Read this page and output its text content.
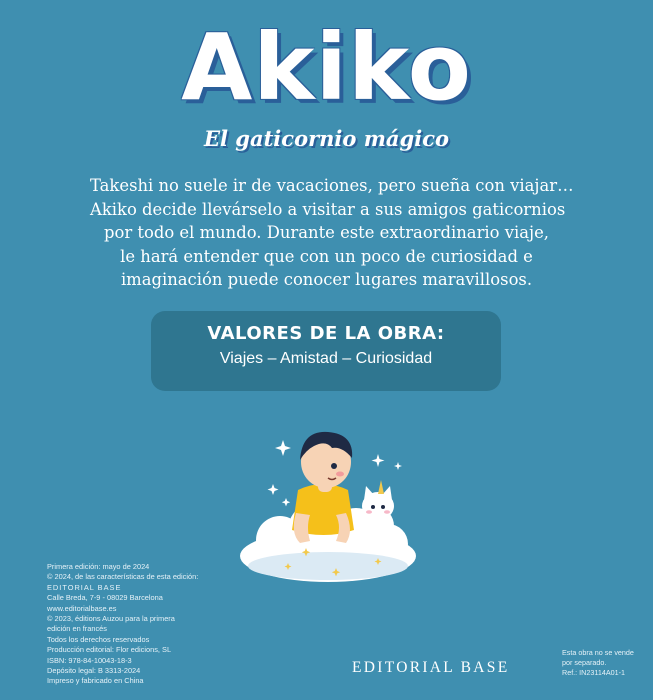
Akiko
El gaticornio mágico
Takeshi no suele ir de vacaciones, pero sueña con viajar…
Akiko decide llevárselo a visitar a sus amigos gaticornios
por todo el mundo. Durante este extraordinario viaje,
le hará entender que con un poco de curiosidad e
imaginación puede conocer lugares maravillosos.
VALORES DE LA OBRA:
Viajes – Amistad – Curiosidad
Primera edición: mayo de 2024
© 2024, de las características de esta edición:
EDITORIAL BASE
Calle Breda, 7-9 - 08029 Barcelona
www.editorialbase.es
© 2023, éditions Auzou para la primera
edición en francés
Todos los derechos reservados
Producción editorial: Flor edicions, SL
ISBN: 978-84-10043-18-3
Depósito legal: B 3313-2024
Impreso y fabricado en China
EDITORIAL BASE
Esta obra no se vende
por separado.
Ref.: IN23114A01-1
